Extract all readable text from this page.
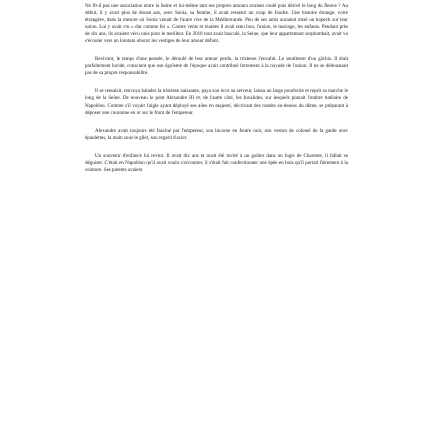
Ne fît-il pas une association entre la Seine et lui-même tant ses propres amours avaient coulé puis dérivé le long du fleuve ? Au début, il y avait plus de douze ans, avec Sonia, sa femme, il avait ressenti un coup de foudre. Une histoire étrange, voire étrangère, dans la mesure où Sonia venait de l'autre rive de la Méditerranée. Peu de ses amis auraient misé un kopeck sur leur union. Lui y avait cru « dur comme fer ». Contre vents et marées il avait tenu bon, l'union, le mariage, les enfants. Pendant près de dix ans, ils avaient vécu unis pour le meilleur. En 2018 tout avait basculé, la Seine, que leur appartement surplombait, avait vu s'écouler vers un lointain obscur les vestiges de leur amour défunt.

Revivant, le temps d'une pensée, le déroulé de leur amour perdu, la tristesse l'envahit. Le sentiment d'un gâchis. Il était parfaitement lucide, conscient que son égoïsme de l'époque avait contribué fortement à la noyade de l'union. Il ne se dédouanait pas de sa propre responsabilité.

Il se ressaisit, renvoya balader la tristesse naissante, paya son écot au serveur, laissa un large pourboire et reprit sa marche le long de la Seine. De nouveau le pont Alexandre III et, de l'autre côté, les Invalides, sur lesquels planait l'ombre tutélaire de Napoléon. Comme s'il voyait l'aigle ayant déployé ses ailes en majesté, décrivant des rondes au-dessus du dôme, se préparant à déposer une couronne en or sur le front de l'empereur.

Alexandre avait toujours été fasciné par l'empereur, son bicorne en feutre noir, son veston de colonel de la garde avec épaulettes, la main sous le gilet, son regard d'acier.

Un souvenir d'enfance lui revint. Il avait dix ans et avait été invité à un goûter dans un logis de Charente, il fallait se déguiser. C'était en Napoléon qu'il avait voulu s'accoutrer, il s'était fait confectionner une épée en bois qu'il portait fièrement à la ceinture. Ses parents avaient
